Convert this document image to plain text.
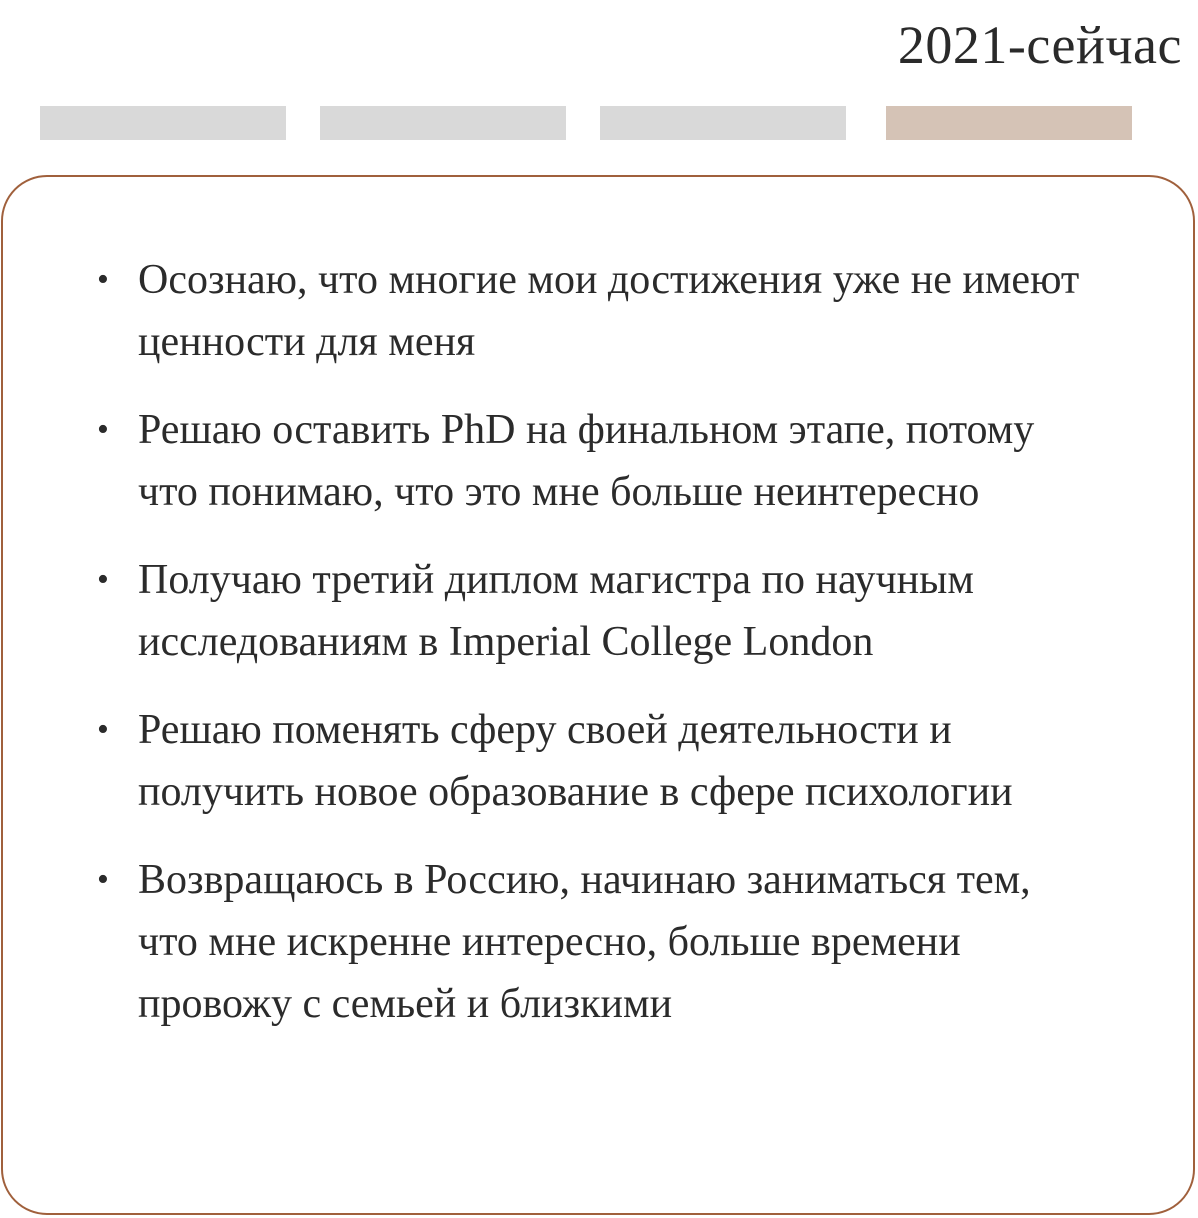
2021-сейчас
• Осознаю, что многие мои достижения уже не имеют ценности для меня
• Решаю оставить PhD на финальном этапе, потому что понимаю, что это мне больше неинтересно
• Получаю третий диплом магистра по научным исследованиям в Imperial College London
• Решаю поменять сферу своей деятельности и получить новое образование в сфере психологии
• Возвращаюсь в Россию, начинаю заниматься тем, что мне искренне интересно, больше времени провожу с семьей и близкими
